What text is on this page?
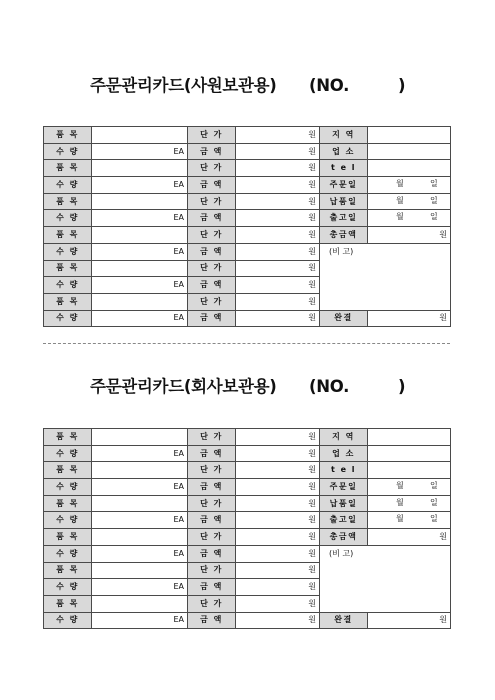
주문관리카드(사원보관용) (NO.	)
품 목		단 가	원	지 역	
수 량	EA	금 액	원	업 소	
품 목		단 가	원	t e l	
수 량	EA	금 액	원	주문일	월 일

품 목		단 가	원	납품일	월 일

수 량	EA	금 액	원	출고일	월 일

품 목		단 가	원	총금액	원
수 량	EA	금 액	원	(비 고)	

품 목		단 가	원		
수 량	EA	금 액	원		
품 목		단 가	원		
수 량	EA	금 액	원	완결	원
주문관리카드(회사보관용) (NO.	)
품 목		단 가	원	지 역	
수 량	EA	금 액	원	업 소	
품 목		단 가	원	t e l	
수 량	EA	금 액	원	주문일	월 일

품 목		단 가	원	납품일	월 일

수 량	EA	금 액	원	출고일	월 일

품 목		단 가	원	총금액	원
수 량	EA	금 액	원	(비 고)	

품 목		단 가	원		
수 량	EA	금 액	원		
품 목		단 가	원		
수 량	EA	금 액	원	완결	원
